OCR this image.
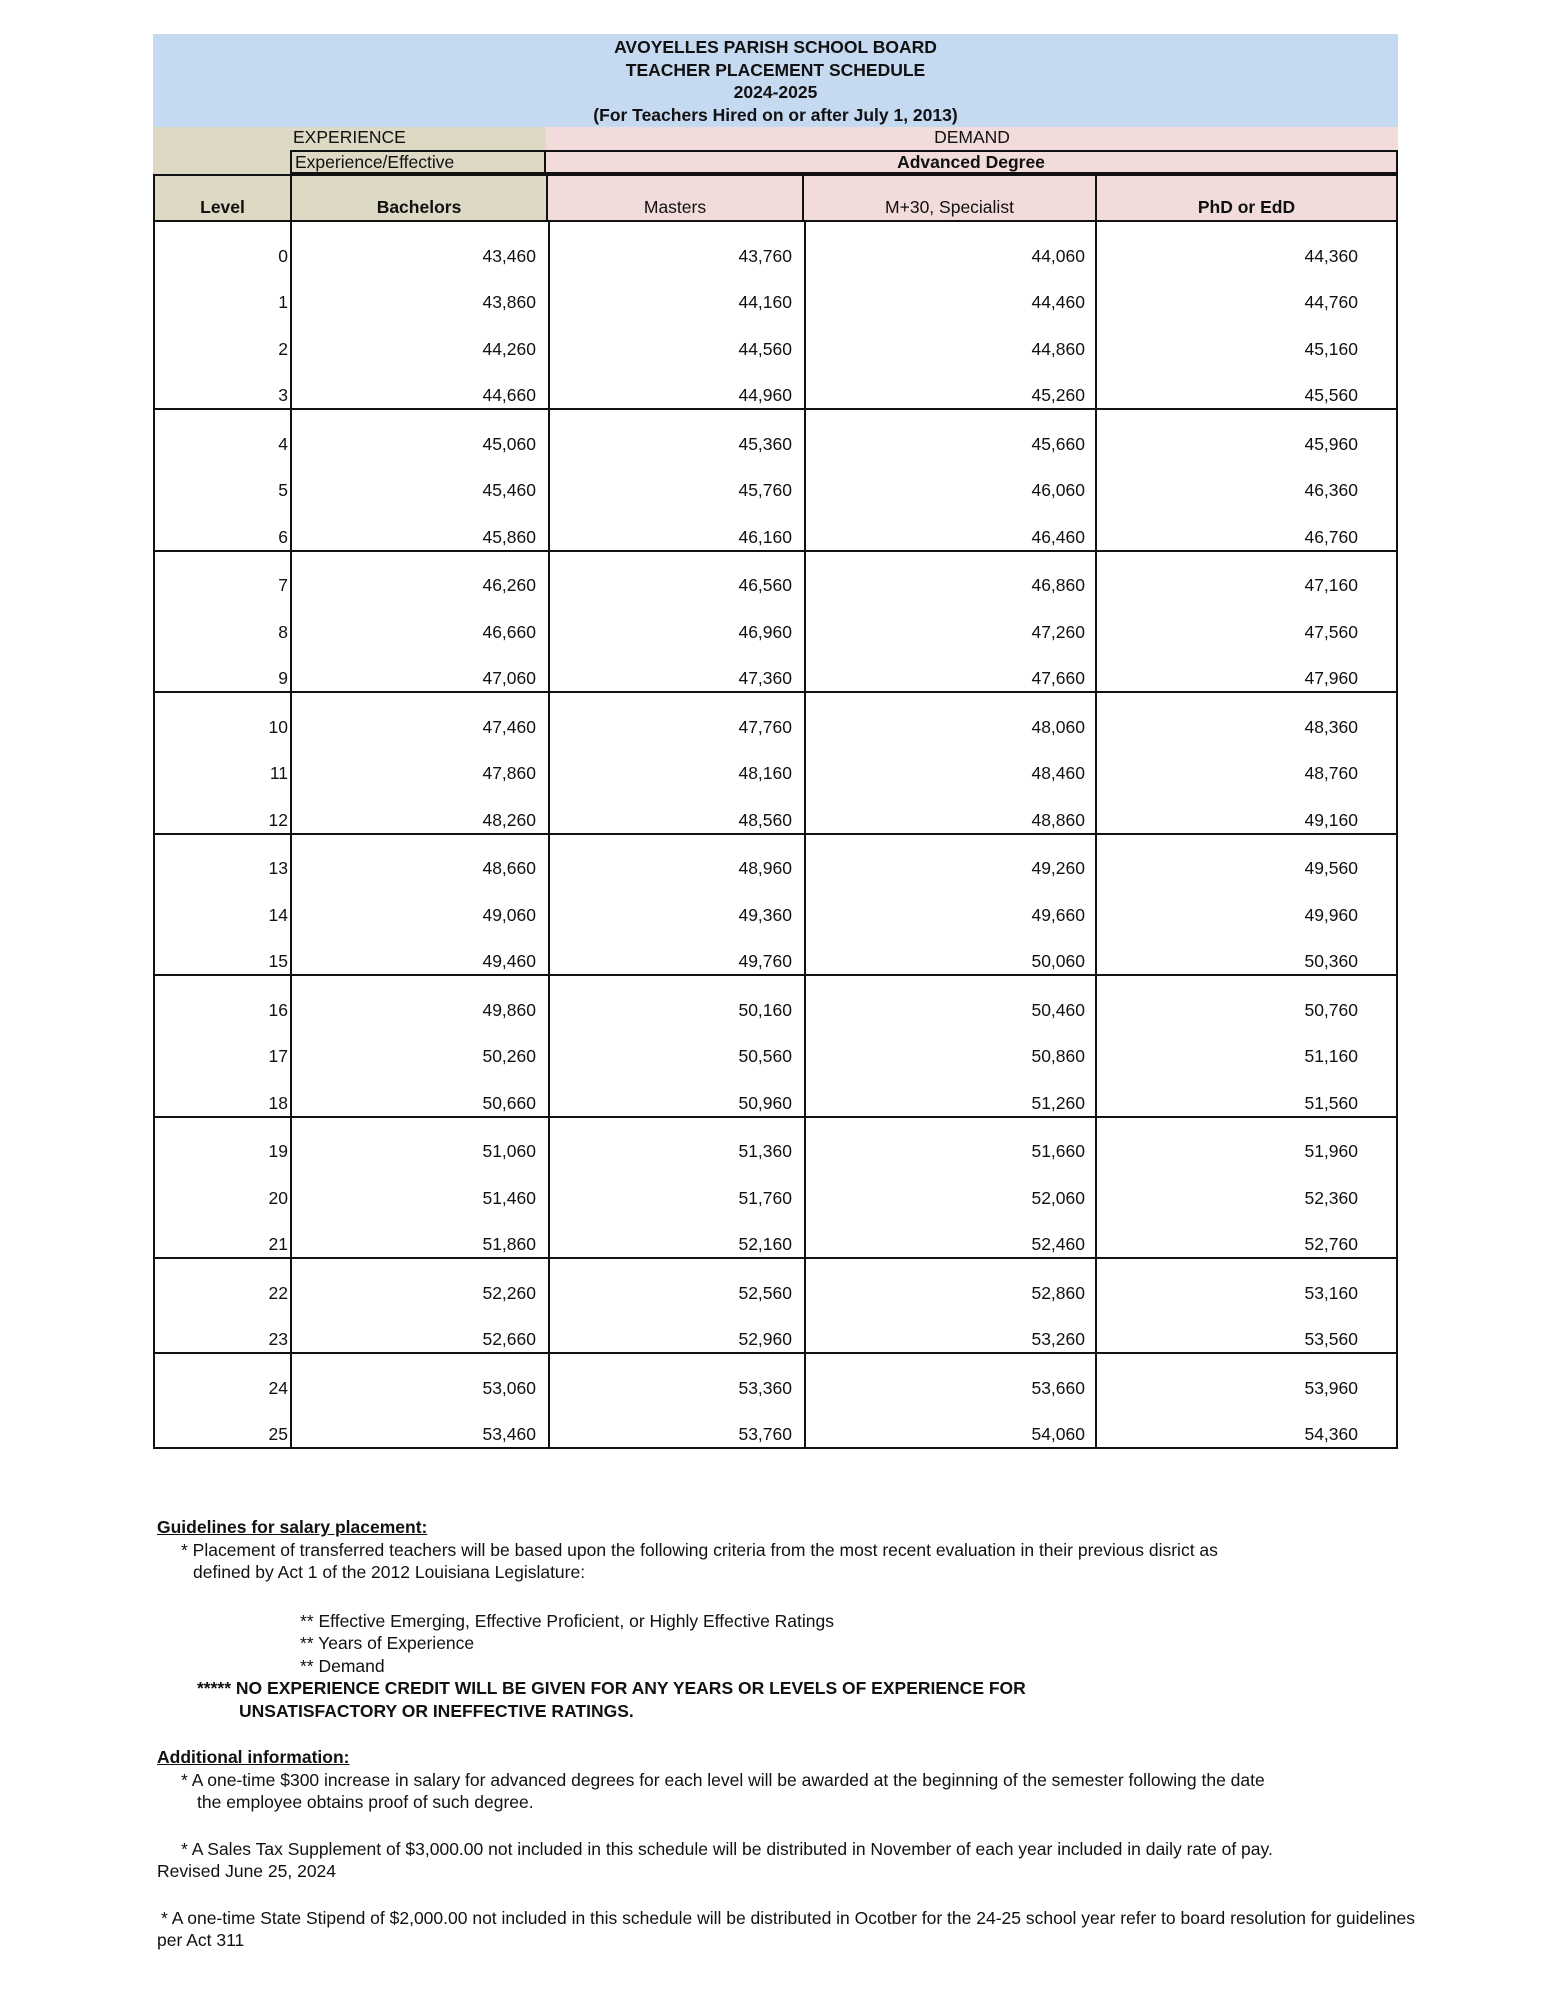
AVOYELLES PARISH SCHOOL BOARD
TEACHER PLACEMENT SCHEDULE
2024-2025
(For Teachers Hired on or after July 1, 2013)
EXPERIENCE	DEMAND
Experience/Effective	Advanced Degree
Level	Bachelors	Masters	M+30, Specialist	PhD or EdD
0	43,460	43,760	44,060	44,360
1	43,860	44,160	44,460	44,760
2	44,260	44,560	44,860	45,160
3	44,660	44,960	45,260	45,560
4	45,060	45,360	45,660	45,960
5	45,460	45,760	46,060	46,360
6	45,860	46,160	46,460	46,760
7	46,260	46,560	46,860	47,160
8	46,660	46,960	47,260	47,560
9	47,060	47,360	47,660	47,960
10	47,460	47,760	48,060	48,360
11	47,860	48,160	48,460	48,760
12	48,260	48,560	48,860	49,160
13	48,660	48,960	49,260	49,560
14	49,060	49,360	49,660	49,960
15	49,460	49,760	50,060	50,360
16	49,860	50,160	50,460	50,760
17	50,260	50,560	50,860	51,160
18	50,660	50,960	51,260	51,560
19	51,060	51,360	51,660	51,960
20	51,460	51,760	52,060	52,360
21	51,860	52,160	52,460	52,760
22	52,260	52,560	52,860	53,160
23	52,660	52,960	53,260	53,560
24	53,060	53,360	53,660	53,960
25	53,460	53,760	54,060	54,360
Guidelines for salary placement:
* Placement of transferred teachers will be based upon the following criteria from the most recent evaluation in their previous disrict as
defined by Act 1 of the 2012 Louisiana Legislature:
** Effective Emerging, Effective Proficient, or Highly Effective Ratings
** Years of Experience
** Demand
***** NO EXPERIENCE CREDIT WILL BE GIVEN FOR ANY YEARS OR LEVELS OF EXPERIENCE FOR
UNSATISFACTORY OR INEFFECTIVE RATINGS.
Additional information:
* A one-time $300 increase in salary for advanced degrees for each level will be awarded at the beginning of the semester following the date
the employee obtains proof of such degree.
* A Sales Tax Supplement of $3,000.00 not included in this schedule will be distributed in November of each year included in daily rate of pay.
Revised June 25, 2024
* A one-time State Stipend of $2,000.00 not included in this schedule will be distributed in Ocotber for the 24-25 school year refer to board resolution for guidelines
per Act 311
